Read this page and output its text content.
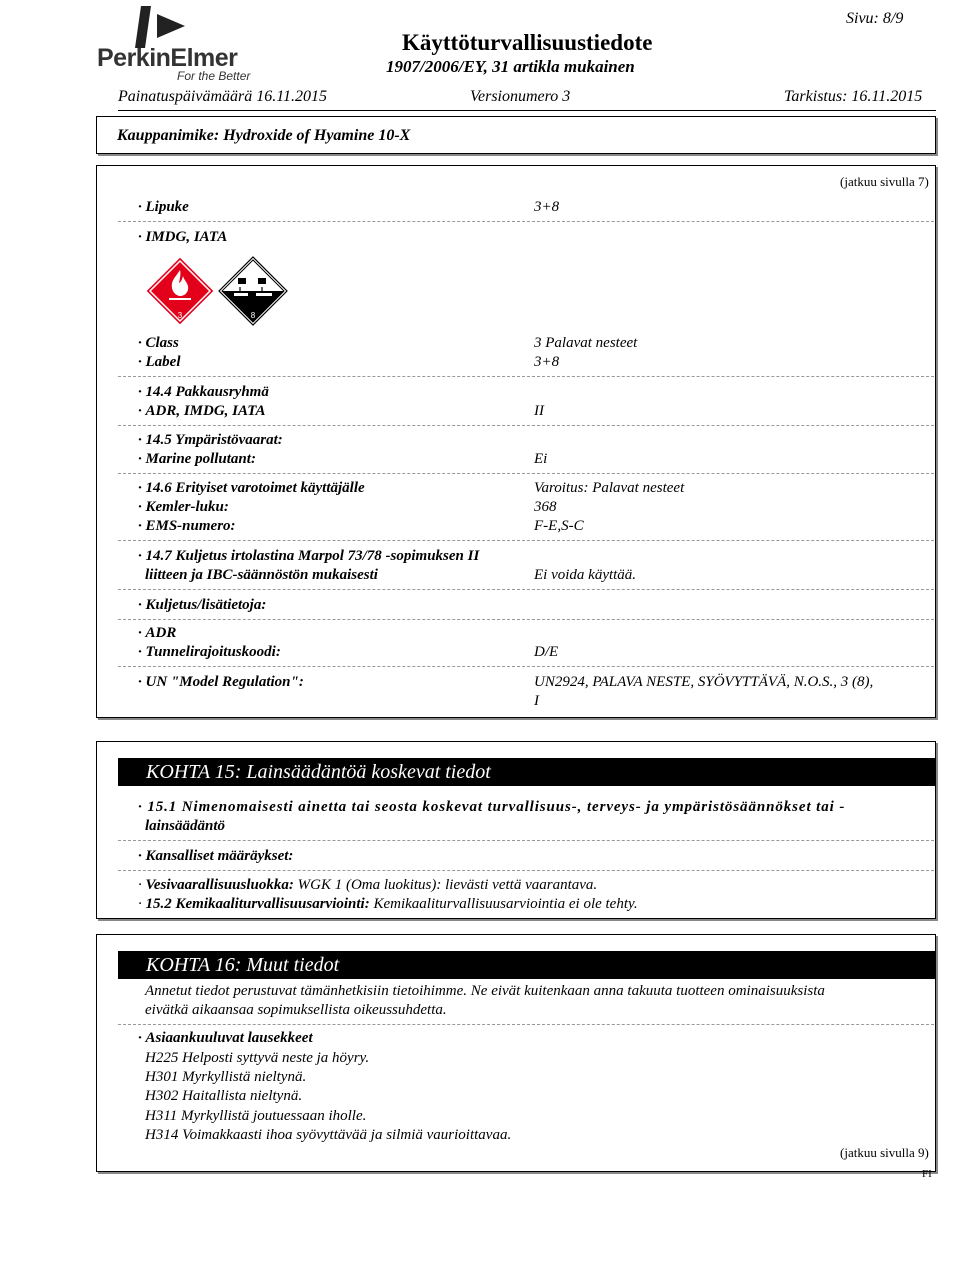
PerkinElmer
For the Better
Sivu: 8/9
Käyttöturvallisuustiedote
1907/2006/EY, 31 artikla mukainen
Painatuspäivämäärä 16.11.2015	Versionumero 3	Tarkistus: 16.11.2015
Kauppanimike: Hydroxide of Hyamine 10-X
(jatkuu sivulla 7)
· Lipuke	3+8
· IMDG, IATA
3	8
· Class	3 Palavat nesteet
· Label	3+8
· 14.4 Pakkausryhmä
· ADR, IMDG, IATA	II
· 14.5 Ympäristövaarat:
· Marine pollutant:	Ei
· 14.6 Erityiset varotoimet käyttäjälle	Varoitus: Palavat nesteet
· Kemler-luku:	368
· EMS-numero:	F-E,S-C
· 14.7 Kuljetus irtolastina Marpol 73/78 -sopimuksen II
liitteen ja IBC-säännöstön mukaisesti	Ei voida käyttää.
· Kuljetus/lisätietoja:
· ADR
· Tunnelirajoituskoodi:	D/E
· UN "Model Regulation":	UN2924, PALAVA NESTE, SYÖVYTTÄVÄ, N.O.S., 3 (8),
I
KOHTA 15: Lainsäädäntöä koskevat tiedot
· 15.1 Nimenomaisesti ainetta tai seosta koskevat turvallisuus-, terveys- ja ympäristösäännökset tai -
lainsäädäntö
· Kansalliset määräykset:
· Vesivaarallisuusluokka: WGK 1 (Oma luokitus): lievästi vettä vaarantava.
· 15.2 Kemikaaliturvallisuusarviointi: Kemikaaliturvallisuusarviointia ei ole tehty.
KOHTA 16: Muut tiedot
Annetut tiedot perustuvat tämänhetkisiin tietoihimme. Ne eivät kuitenkaan anna takuuta tuotteen ominaisuuksista
eivätkä aikaansaa sopimuksellista oikeussuhdetta.
· Asiaankuuluvat lausekkeet
H225 Helposti syttyvä neste ja höyry.
H301 Myrkyllistä nieltynä.
H302 Haitallista nieltynä.
H311 Myrkyllistä joutuessaan iholle.
H314 Voimakkaasti ihoa syövyttävää ja silmiä vaurioittavaa.
(jatkuu sivulla 9)
FI
